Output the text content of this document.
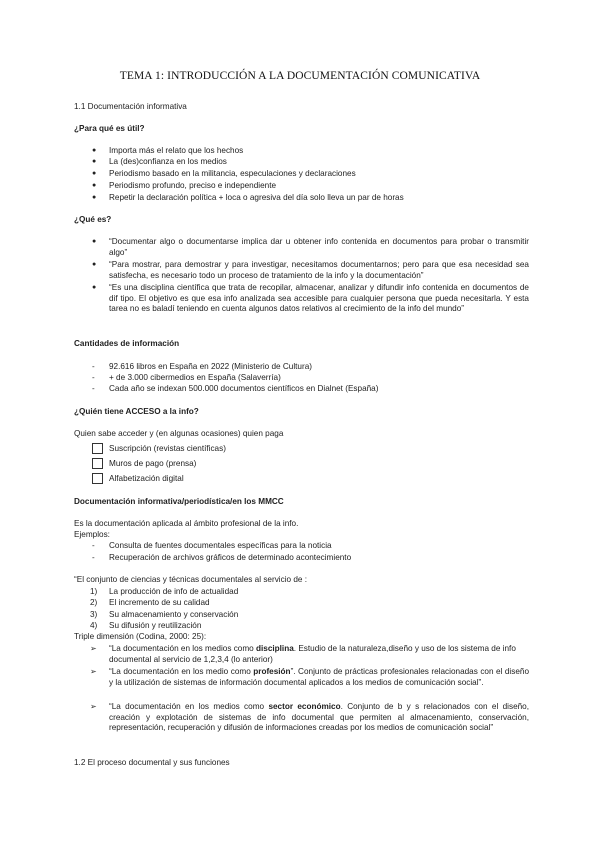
TEMA 1: INTRODUCCIÓN A LA DOCUMENTACIÓN COMUNICATIVA
1.1 Documentación informativa
¿Para qué es útil?
● Importa más el relato que los hechos
● La (des)confianza en los medios
● Periodismo basado en la militancia, especulaciones y declaraciones
● Periodismo profundo, preciso e independiente
● Repetir la declaración política + loca o agresiva del día solo lleva un par de horas
¿Qué es?
● “Documentar algo o documentarse implica dar u obtener info contenida en documentos para probar o transmitir algo”
● “Para mostrar, para demostrar y para investigar, necesitamos documentarnos; pero para que esa necesidad sea satisfecha, es necesario todo un proceso de tratamiento de la info y la documentación”
● “Es una disciplina científica que trata de recopilar, almacenar, analizar y difundir info contenida en documentos de dif tipo. El objetivo es que esa info analizada sea accesible para cualquier persona que pueda necesitarla. Y esta tarea no es baladí teniendo en cuenta algunos datos relativos al crecimiento de la info del mundo”
Cantidades de información
- 92.616 libros en España en 2022 (Ministerio de Cultura)
- + de 3.000 cibermedios en España (Salaverría)
- Cada año se indexan 500.000 documentos científicos en Dialnet (España)
¿Quién tiene ACCESO a la info?
Quien sabe acceder y (en algunas ocasiones) quien paga
Suscripción (revistas científicas)
Muros de pago (prensa)
Alfabetización digital
Documentación informativa/periodística/en los MMCC
Es la documentación aplicada al ámbito profesional de la info.
Ejemplos:
- Consulta de fuentes documentales específicas para la noticia
- Recuperación de archivos gráficos de determinado acontecimiento
“El conjunto de ciencias y técnicas documentales al servicio de :
1) La producción de info de actualidad
2) El incremento de su calidad
3) Su almacenamiento y conservación
4) Su difusión y reutilización
Triple dimensión (Codina, 2000: 25):
➢ “La documentación en los medios como disciplina. Estudio de la naturaleza,diseño y uso de los sistema de info documental al servicio de 1,2,3,4 (lo anterior)
➢ “La documentación en los medio como profesión”. Conjunto de prácticas profesionales relacionadas con el diseño y la utilización de sistemas de información documental aplicados a los medios de comunicación social”.
➢ “La documentación en los medios como sector económico. Conjunto de b y s relacionados con el diseño, creación y explotación de sistemas de info documental que permiten al almacenamiento, conservación, representación, recuperación y difusión de informaciones creadas por los medios de comunicación social”
1.2 El proceso documental y sus funciones
